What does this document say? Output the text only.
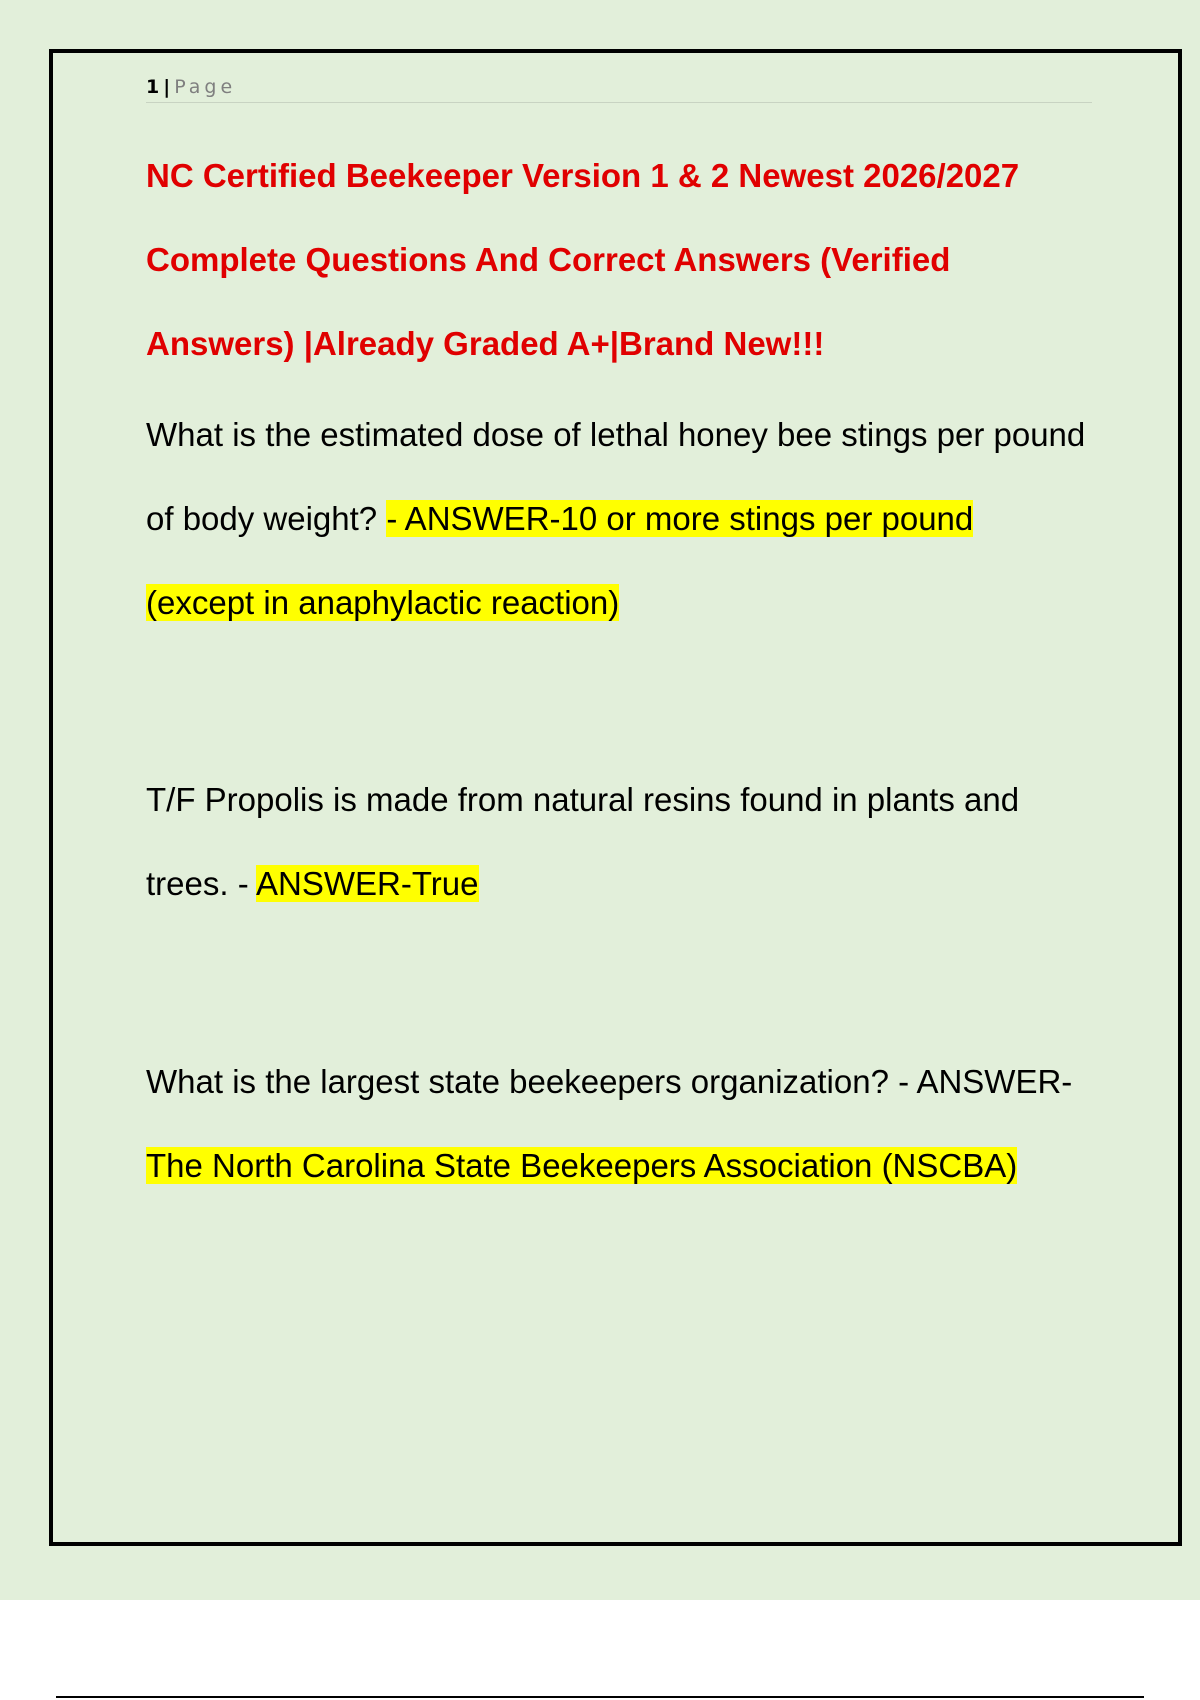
1 | Page
NC Certified Beekeeper Version 1 & 2 Newest 2026/2027 Complete Questions And Correct Answers (Verified Answers) |Already Graded A+|Brand New!!!

What is the estimated dose of lethal honey bee stings per pound of body weight? - ANSWER-10 or more stings per pound (except in anaphylactic reaction)

T/F Propolis is made from natural resins found in plants and trees. - ANSWER-True

What is the largest state beekeepers organization? - ANSWER-The North Carolina State Beekeepers Association (NSCBA)
